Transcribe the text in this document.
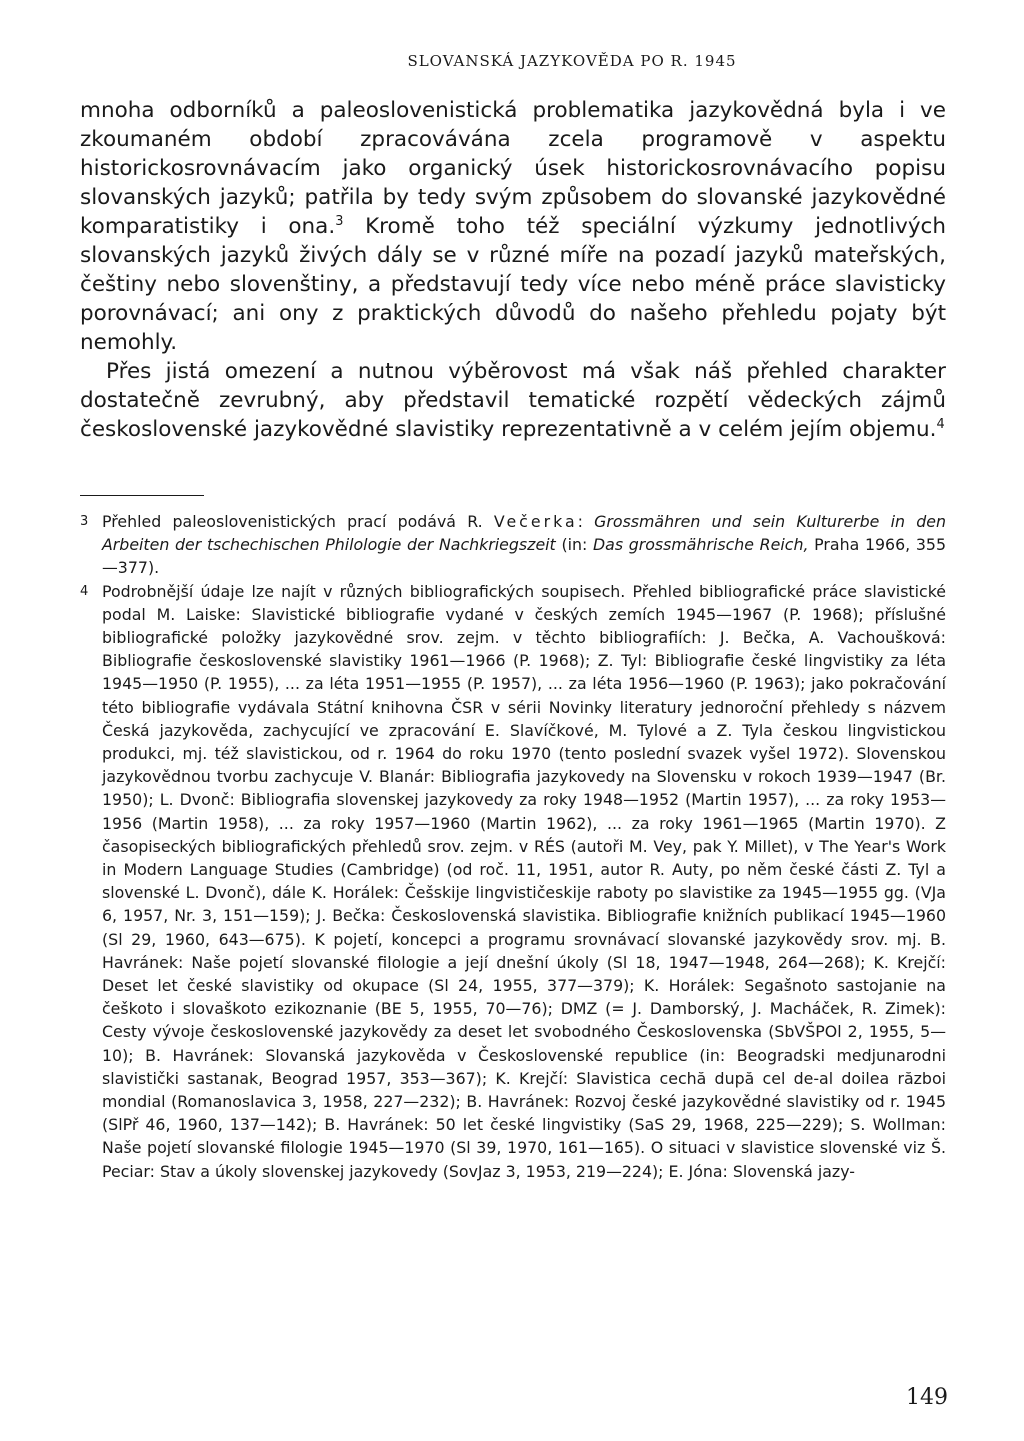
SLOVANSKÁ JAZYKOVĚDA PO R. 1945

mnoha odborníků a paleoslovenistická problematika jazykovědná byla i ve zkoumaném období zpracovávána zcela programově v aspektu historickosrovnávacím jako organický úsek historickosrovnávacího popisu slovanských jazyků; patřila by tedy svým způsobem do slovanské jazykovědné komparatistiky i ona.$^3$ Kromě toho též speciální výzkumy jednotlivých slovanských jazyků živých dály se v různé míře na pozadí jazyků mateřských, češtiny nebo slovenštiny, a představují tedy více nebo méně práce slavisticky porovnávací; ani ony z praktických důvodů do našeho přehledu pojaty být nemohly.

Přes jistá omezení a nutnou výběrovost má však náš přehled charakter dostatečně zevrubný, aby představil tematické rozpětí vědeckých zájmů československé jazykovědné slavistiky reprezentativně a v celém jejím objemu.$^4$

3 Přehled paleoslovenistických prací podává R. Večerka: Grossmähren und sein Kulturerbe in den Arbeiten der tschechischen Philologie der Nachkriegszeit (in: Das grossmährische Reich, Praha 1966, 355—377).

4 Podrobnější údaje lze najít v různých bibliografických soupisech. Přehled bibliografické práce slavistické podal M. Laiske: Slavistické bibliografie vydané v českých zemích 1945—1967 (P. 1968); příslušné bibliografické položky jazykovědné srov. zejm. v těchto bibliografiích: J. Bečka, A. Vachoušková: Bibliografie československé slavistiky 1961—1966 (P. 1968); Z. Tyl: Bibliografie české lingvistiky za léta 1945—1950 (P. 1955), ... za léta 1951—1955 (P. 1957), ... za léta 1956—1960 (P. 1963); jako pokračování této bibliografie vydávala Státní knihovna ČSR v sérii Novinky literatury jednoroční přehledy s názvem Česká jazykověda, zachycující ve zpracování E. Slavíčkové, M. Tylové a Z. Tyla českou lingvistickou produkci, mj. též slavistickou, od r. 1964 do roku 1970 (tento poslední svazek vyšel 1972). Slovenskou jazykovědnou tvorbu zachycuje V. Blanár: Bibliografia jazykovedy na Slovensku v rokoch 1939—1947 (Br. 1950); L. Dvonč: Bibliografia slovenskej jazykovedy za roky 1948—1952 (Martin 1957), ... za roky 1953—1956 (Martin 1958), ... za roky 1957—1960 (Martin 1962), ... za roky 1961—1965 (Martin 1970). Z časopiseckých bibliografických přehledů srov. zejm. v RÉS (autoři M. Vey, pak Y. Millet), v The Year's Work in Modern Language Studies (Cambridge) (od roč. 11, 1951, autor R. Auty, po něm české části Z. Tyl a slovenské L. Dvonč), dále K. Horálek: Češskije lingvističeskije raboty po slavistike za 1945—1955 gg. (VJa 6, 1957, Nr. 3, 151—159); J. Bečka: Československá slavistika. Bibliografie knižních publikací 1945—1960 (Sl 29, 1960, 643—675). K pojetí, koncepci a programu srovnávací slovanské jazykovědy srov. mj. B. Havránek: Naše pojetí slovanské filologie a její dnešní úkoly (Sl 18, 1947—1948, 264—268); K. Krejčí: Deset let české slavistiky od okupace (Sl 24, 1955, 377—379); K. Horálek: Segašnoto sastojanie na češkoto i slovaškoto ezikoznanie (BE 5, 1955, 70—76); DMZ (= J. Damborský, J. Macháček, R. Zimek): Cesty vývoje československé jazykovědy za deset let svobodného Československa (SbVŠPOl 2, 1955, 5—10); B. Havránek: Slovanská jazykověda v Československé republice (in: Beogradski medjunarodni slavistički sastanak, Beograd 1957, 353—367); K. Krejčí: Slavistica cechă după cel de-al doilea război mondial (Romanoslavica 3, 1958, 227—232); B. Havránek: Rozvoj české jazykovědné slavistiky od r. 1945 (SlPř 46, 1960, 137—142); B. Havránek: 50 let české lingvistiky (SaS 29, 1968, 225—229); S. Wollman: Naše pojetí slovanské filologie 1945—1970 (Sl 39, 1970, 161—165). O situaci v slavistice slovenské viz Š. Peciar: Stav a úkoly slovenskej jazykovedy (SovJaz 3, 1953, 219—224); E. Jóna: Slovenská jazy-

149
